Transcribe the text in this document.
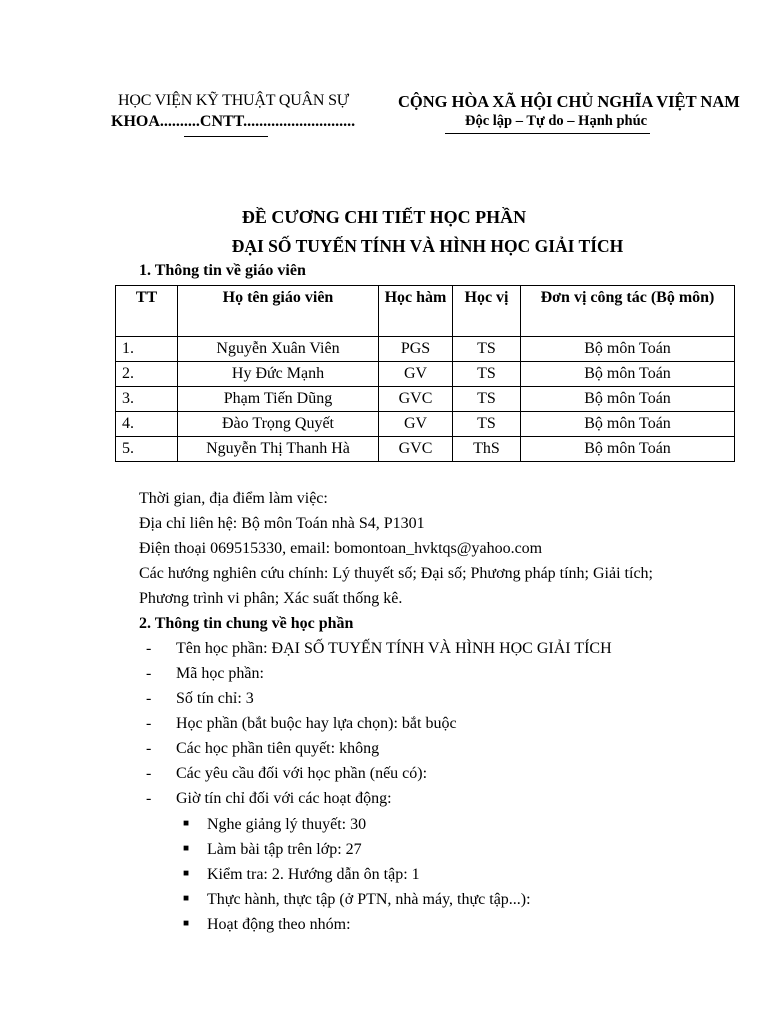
HỌC VIỆN KỸ THUẬT QUÂN SỰ
KHOA..........CNTT............................
CỘNG HÒA XÃ HỘI CHỦ NGHĨA VIỆT NAM
Độc lập – Tự do – Hạnh phúc
ĐỀ CƯƠNG CHI TIẾT HỌC PHẦN
ĐẠI SỐ TUYẾN TÍNH VÀ HÌNH HỌC GIẢI TÍCH
1. Thông tin về giáo viên
TT	Họ tên giáo viên	Học hàm	Học vị	Đơn vị công tác (Bộ môn)
1.	Nguyễn Xuân Viên	PGS	TS	Bộ môn Toán
2.	Hy Đức Mạnh	GV	TS	Bộ môn Toán
3.	Phạm Tiến Dũng	GVC	TS	Bộ môn Toán
4.	Đào Trọng Quyết	GV	TS	Bộ môn Toán
5.	Nguyễn Thị Thanh Hà	GVC	ThS	Bộ môn Toán
Thời gian, địa điểm làm việc:
Địa chỉ liên hệ: Bộ môn Toán nhà S4, P1301
Điện thoại 069515330, email: bomontoan_hvktqs@yahoo.com
Các hướng nghiên cứu chính: Lý thuyết số; Đại số; Phương pháp tính; Giải tích;
Phương trình vi phân; Xác suất thống kê.
2. Thông tin chung về học phần
- Tên học phần: ĐẠI SỐ TUYẾN TÍNH VÀ HÌNH HỌC GIẢI TÍCH
- Mã học phần:
- Số tín chỉ: 3
- Học phần (bắt buộc hay lựa chọn): bắt buộc
- Các học phần tiên quyết: không
- Các yêu cầu đối với học phần (nếu có):
- Giờ tín chỉ đối với các hoạt động:
■ Nghe giảng lý thuyết: 30
■ Làm bài tập trên lớp: 27
■ Kiểm tra: 2. Hướng dẫn ôn tập: 1
■ Thực hành, thực tập (ở PTN, nhà máy, thực tập...):
■ Hoạt động theo nhóm:
